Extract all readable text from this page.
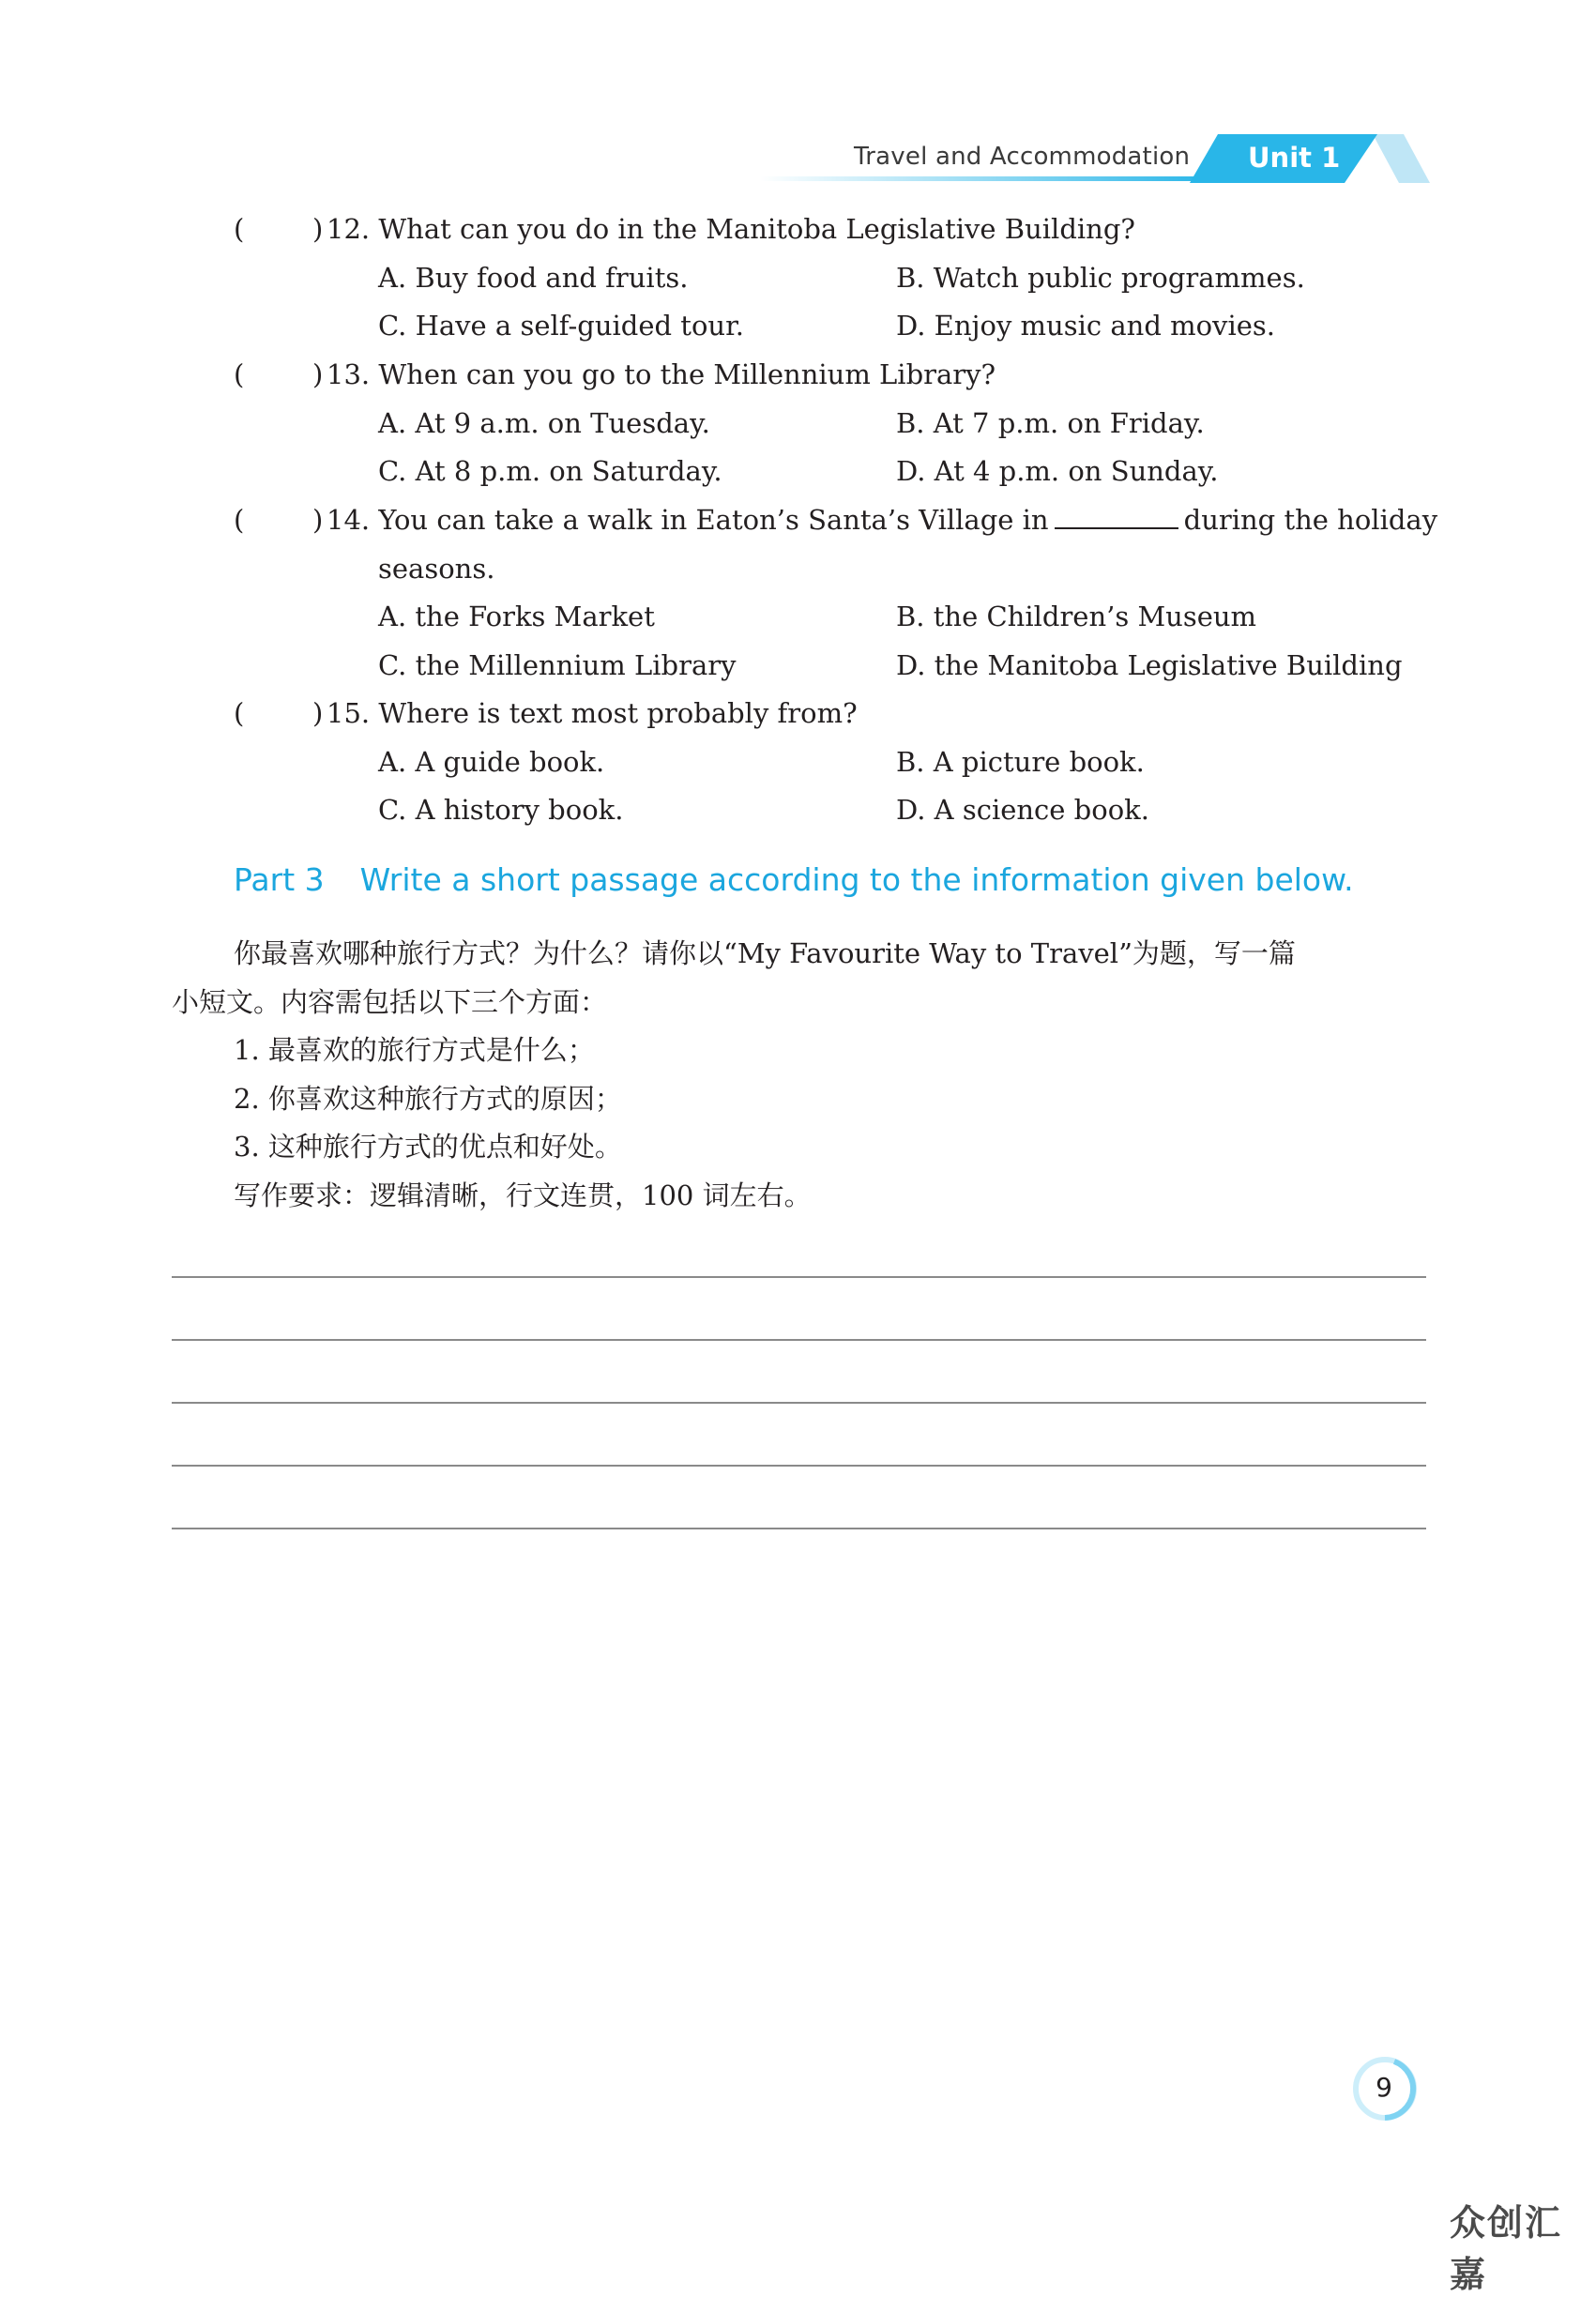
Travel and Accommodation Unit 1
(	) 12. What can you do in the Manitoba Legislative Building?
A. Buy food and fruits.	B. Watch public programmes.
C. Have a self-guided tour.	D. Enjoy music and movies.
(	) 13. When can you go to the Millennium Library?
A. At 9 a.m. on Tuesday.	B. At 7 p.m. on Friday.
C. At 8 p.m. on Saturday.	D. At 4 p.m. on Sunday.
(	) 14. You can take a walk in Eaton’s Santa’s Village in	during the holiday
seasons.
A. the Forks Market	B. the Children’s Museum
C. the Millennium Library	D. the Manitoba Legislative Building
(	) 15. Where is text most probably from?
A. A guide book.	B. A picture book.
C. A history book.	D. A science book.
Part 3 Write a short passage according to the information given below.
你最喜欢哪种旅行方式？为什么？请你以“My Favourite Way to Travel”为题，写一篇
小短文。内容需包括以下三个方面：
1. 最喜欢的旅行方式是什么；
2. 你喜欢这种旅行方式的原因；
3. 这种旅行方式的优点和好处。
写作要求：逻辑清晰，行文连贯，100 词左右。
9
众创汇嘉
